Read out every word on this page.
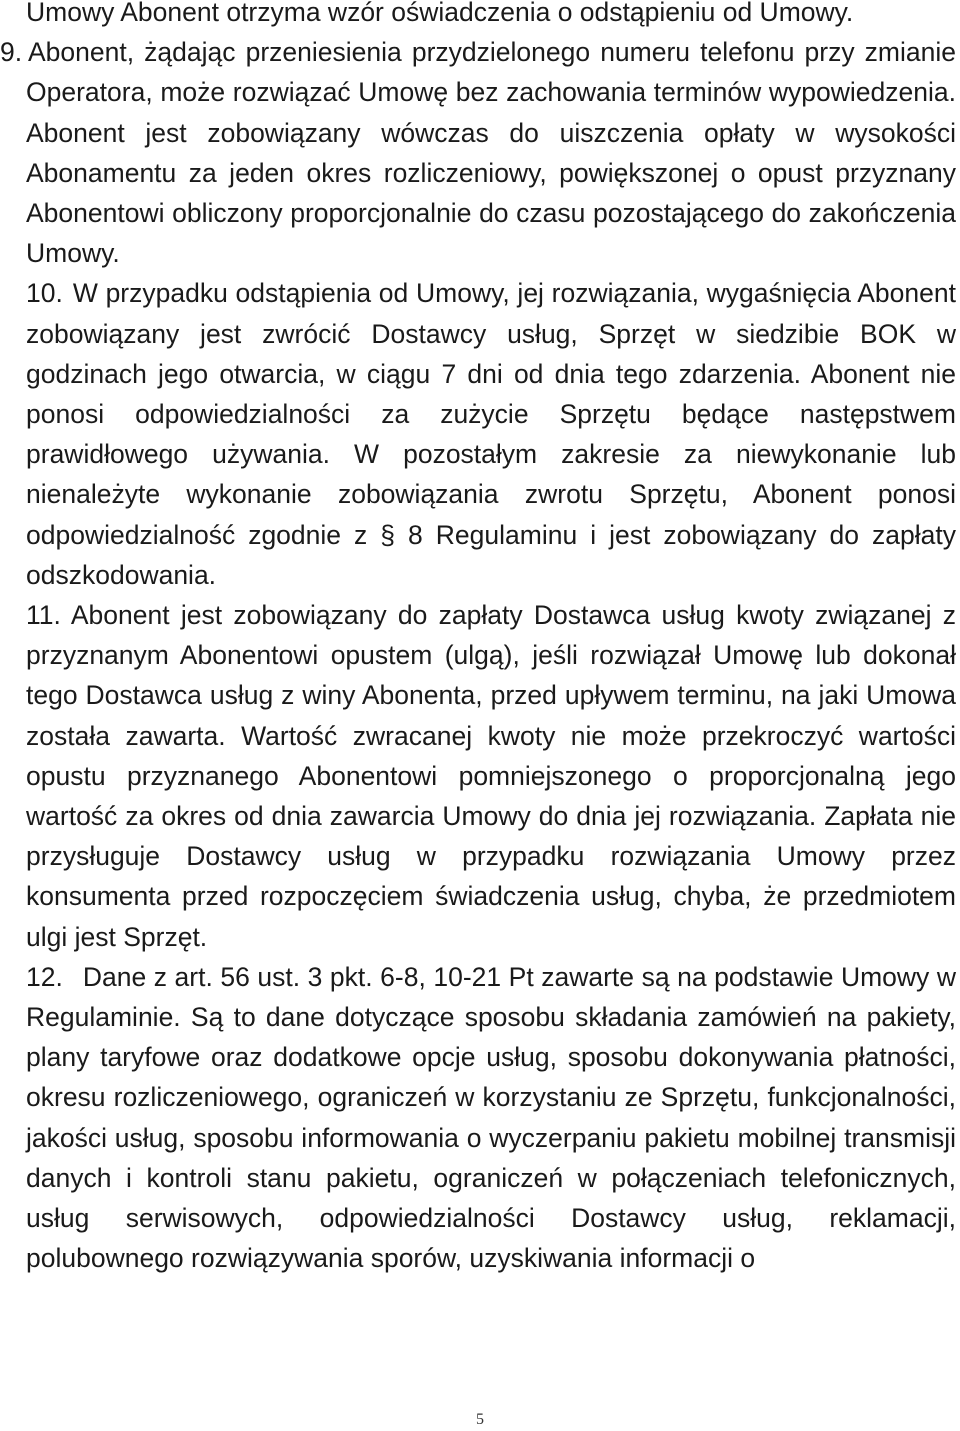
Umowy Abonent otrzyma wzór oświadczenia o odstąpieniu od Umowy.

9. Abonent, żądając przeniesienia przydzielonego numeru telefonu przy zmianie Operatora, może rozwiązać Umowę bez zachowania terminów wypowiedzenia. Abonent jest zobowiązany wówczas do uiszczenia opłaty w wysokości Abonamentu za jeden okres rozliczeniowy, powiększonej o opust przyznany Abonentowi obliczony proporcjonalnie do czasu pozostającego do zakończenia Umowy.

10. W przypadku odstąpienia od Umowy, jej rozwiązania, wygaśnięcia Abonent zobowiązany jest zwrócić Dostawcy usług, Sprzęt w siedzibie BOK w godzinach jego otwarcia, w ciągu 7 dni od dnia tego zdarzenia. Abonent nie ponosi odpowiedzialności za zużycie Sprzętu będące następstwem prawidłowego używania. W pozostałym zakresie za niewykonanie lub nienależyte wykonanie zobowiązania zwrotu Sprzętu, Abonent ponosi odpowiedzialność zgodnie z § 8 Regulaminu i jest zobowiązany do zapłaty odszkodowania.

11. Abonent jest zobowiązany do zapłaty Dostawca usług kwoty związanej z przyznanym Abonentowi opustem (ulgą), jeśli rozwiązał Umowę lub dokonał tego Dostawca usług z winy Abonenta, przed upływem terminu, na jaki Umowa została zawarta. Wartość zwracanej kwoty nie może przekroczyć wartości opustu przyznanego Abonentowi pomniejszonego o proporcjonalną jego wartość za okres od dnia zawarcia Umowy do dnia jej rozwiązania. Zapłata nie przysługuje Dostawcy usług w przypadku rozwiązania Umowy przez konsumenta przed rozpoczęciem świadczenia usług, chyba, że przedmiotem ulgi jest Sprzęt.

12. Dane z art. 56 ust. 3 pkt. 6-8, 10-21 Pt zawarte są na podstawie Umowy w Regulaminie. Są to dane dotyczące sposobu składania zamówień na pakiety, plany taryfowe oraz dodatkowe opcje usług, sposobu dokonywania płatności, okresu rozliczeniowego, ograniczeń w korzystaniu ze Sprzętu, funkcjonalności, jakości usług, sposobu informowania o wyczerpaniu pakietu mobilnej transmisji danych i kontroli stanu pakietu, ograniczeń w połączeniach telefonicznych, usług serwisowych, odpowiedzialności Dostawcy usług, reklamacji, polubownego rozwiązywania sporów, uzyskiwania informacji o

5
